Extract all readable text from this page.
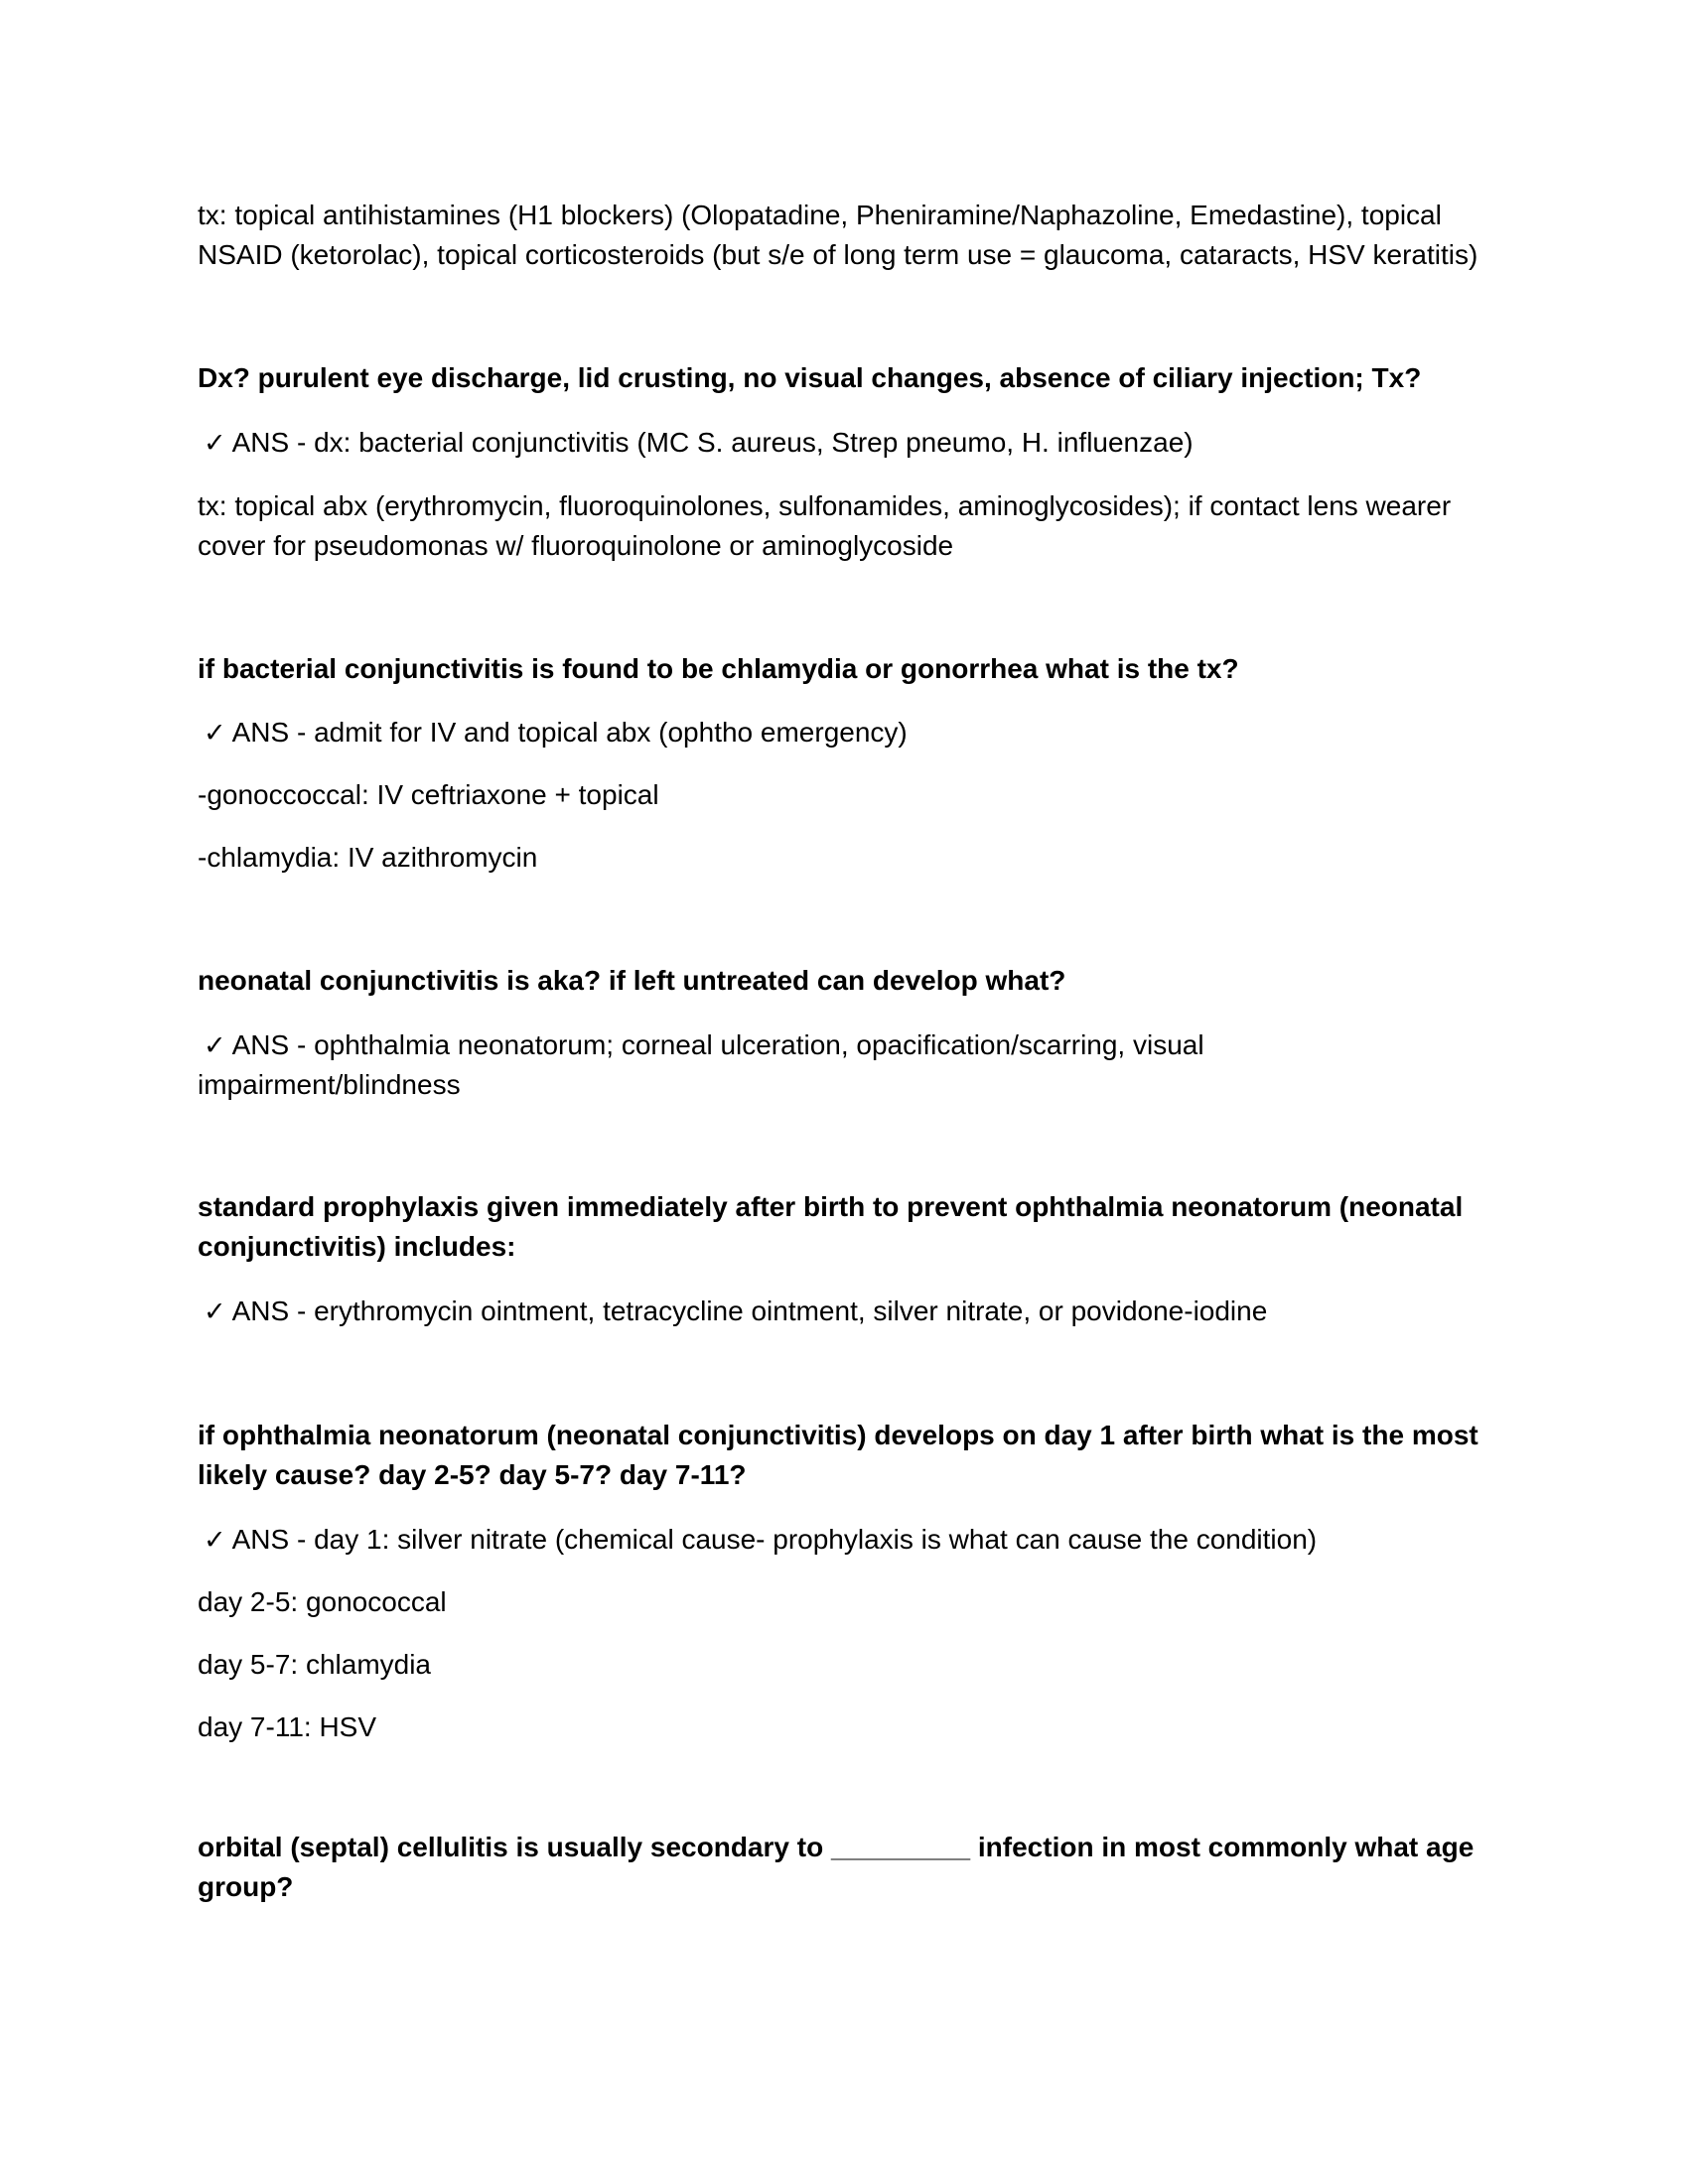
tx: topical antihistamines (H1 blockers) (Olopatadine, Pheniramine/Naphazoline, Emedastine), topical
NSAID (ketorolac), topical corticosteroids (but s/e of long term use = glaucoma, cataracts, HSV keratitis)
Dx? purulent eye discharge, lid crusting, no visual changes, absence of ciliary injection; Tx?
✓ ANS - dx: bacterial conjunctivitis (MC S. aureus, Strep pneumo, H. influenzae)
tx: topical abx (erythromycin, fluoroquinolones, sulfonamides, aminoglycosides); if contact lens wearer
cover for pseudomonas w/ fluoroquinolone or aminoglycoside
if bacterial conjunctivitis is found to be chlamydia or gonorrhea what is the tx?
✓ ANS - admit for IV and topical abx (ophtho emergency)
-gonoccoccal: IV ceftriaxone + topical
-chlamydia: IV azithromycin
neonatal conjunctivitis is aka? if left untreated can develop what?
✓ ANS - ophthalmia neonatorum; corneal ulceration, opacification/scarring, visual
impairment/blindness
standard prophylaxis given immediately after birth to prevent ophthalmia neonatorum (neonatal
conjunctivitis) includes:
✓ ANS - erythromycin ointment, tetracycline ointment, silver nitrate, or povidone-iodine
if ophthalmia neonatorum (neonatal conjunctivitis) develops on day 1 after birth what is the most
likely cause? day 2-5? day 5-7? day 7-11?
✓ ANS - day 1: silver nitrate (chemical cause- prophylaxis is what can cause the condition)
day 2-5: gonococcal
day 5-7: chlamydia
day 7-11: HSV
orbital (septal) cellulitis is usually secondary to _________ infection in most commonly what age
group?
